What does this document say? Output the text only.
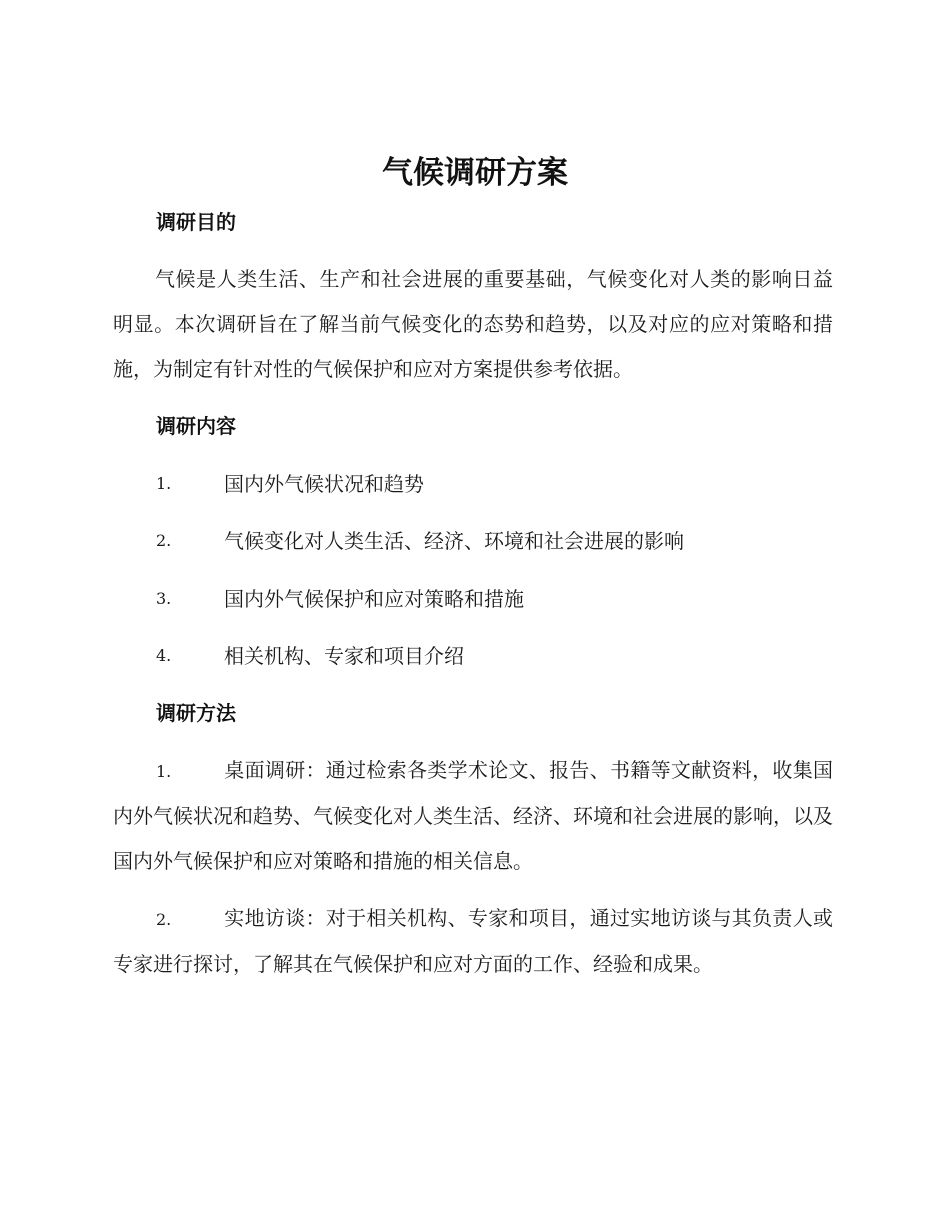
气候调研方案
调研目的
气候是人类生活、生产和社会进展的重要基础，气候变化对人类的影响日益明显。本次调研旨在了解当前气候变化的态势和趋势，以及对应的应对策略和措施，为制定有针对性的气候保护和应对方案提供参考依据。
调研内容
1.	国内外气候状况和趋势
2.	气候变化对人类生活、经济、环境和社会进展的影响
3.	国内外气候保护和应对策略和措施
4.	相关机构、专家和项目介绍
调研方法
1.	桌面调研：通过检索各类学术论文、报告、书籍等文献资料，收集国内外气候状况和趋势、气候变化对人类生活、经济、环境和社会进展的影响，以及国内外气候保护和应对策略和措施的相关信息。
2.	实地访谈：对于相关机构、专家和项目，通过实地访谈与其负责人或专家进行探讨，了解其在气候保护和应对方面的工作、经验和成果。
